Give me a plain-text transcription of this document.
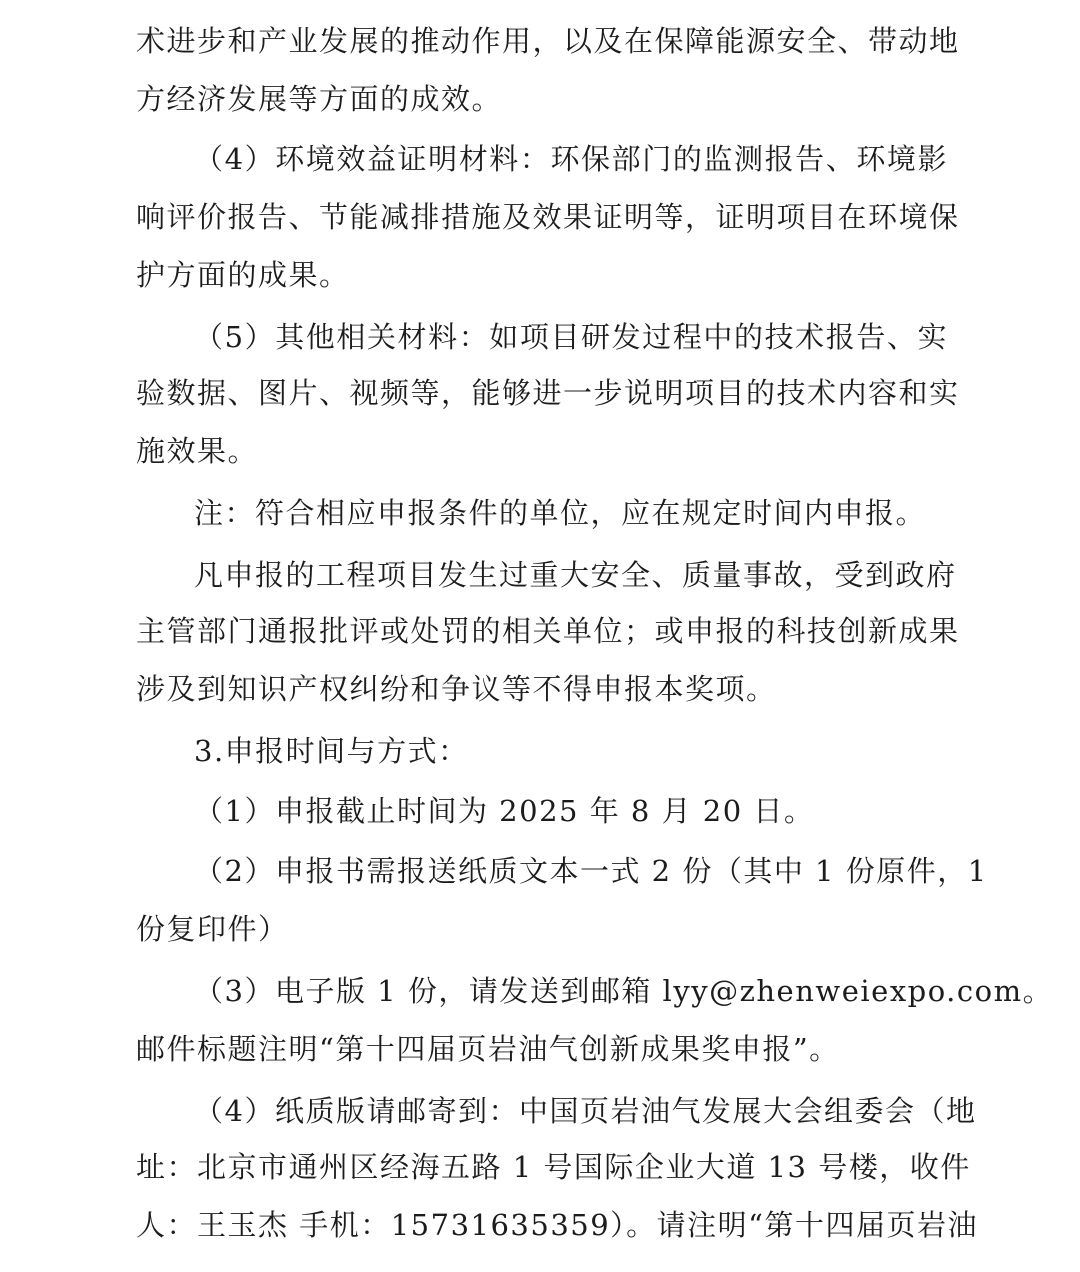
术进步和产业发展的推动作用，以及在保障能源安全、带动地
方经济发展等方面的成效。
（4）环境效益证明材料：环保部门的监测报告、环境影
响评价报告、节能减排措施及效果证明等，证明项目在环境保
护方面的成果。
（5）其他相关材料：如项目研发过程中的技术报告、实
验数据、图片、视频等，能够进一步说明项目的技术内容和实
施效果。
注：符合相应申报条件的单位，应在规定时间内申报。
凡申报的工程项目发生过重大安全、质量事故，受到政府
主管部门通报批评或处罚的相关单位；或申报的科技创新成果
涉及到知识产权纠纷和争议等不得申报本奖项。
3.申报时间与方式：
（1）申报截止时间为 2025 年 8 月 20 日。
（2）申报书需报送纸质文本一式 2 份（其中 1 份原件，1
份复印件）
（3）电子版 1 份，请发送到邮箱 lyy@zhenweiexpo.com。
邮件标题注明“第十四届页岩油气创新成果奖申报”。
（4）纸质版请邮寄到：中国页岩油气发展大会组委会（地
址：北京市通州区经海五路 1 号国际企业大道 13 号楼，收件
人：王玉杰 手机：15731635359）。请注明“第十四届页岩油
